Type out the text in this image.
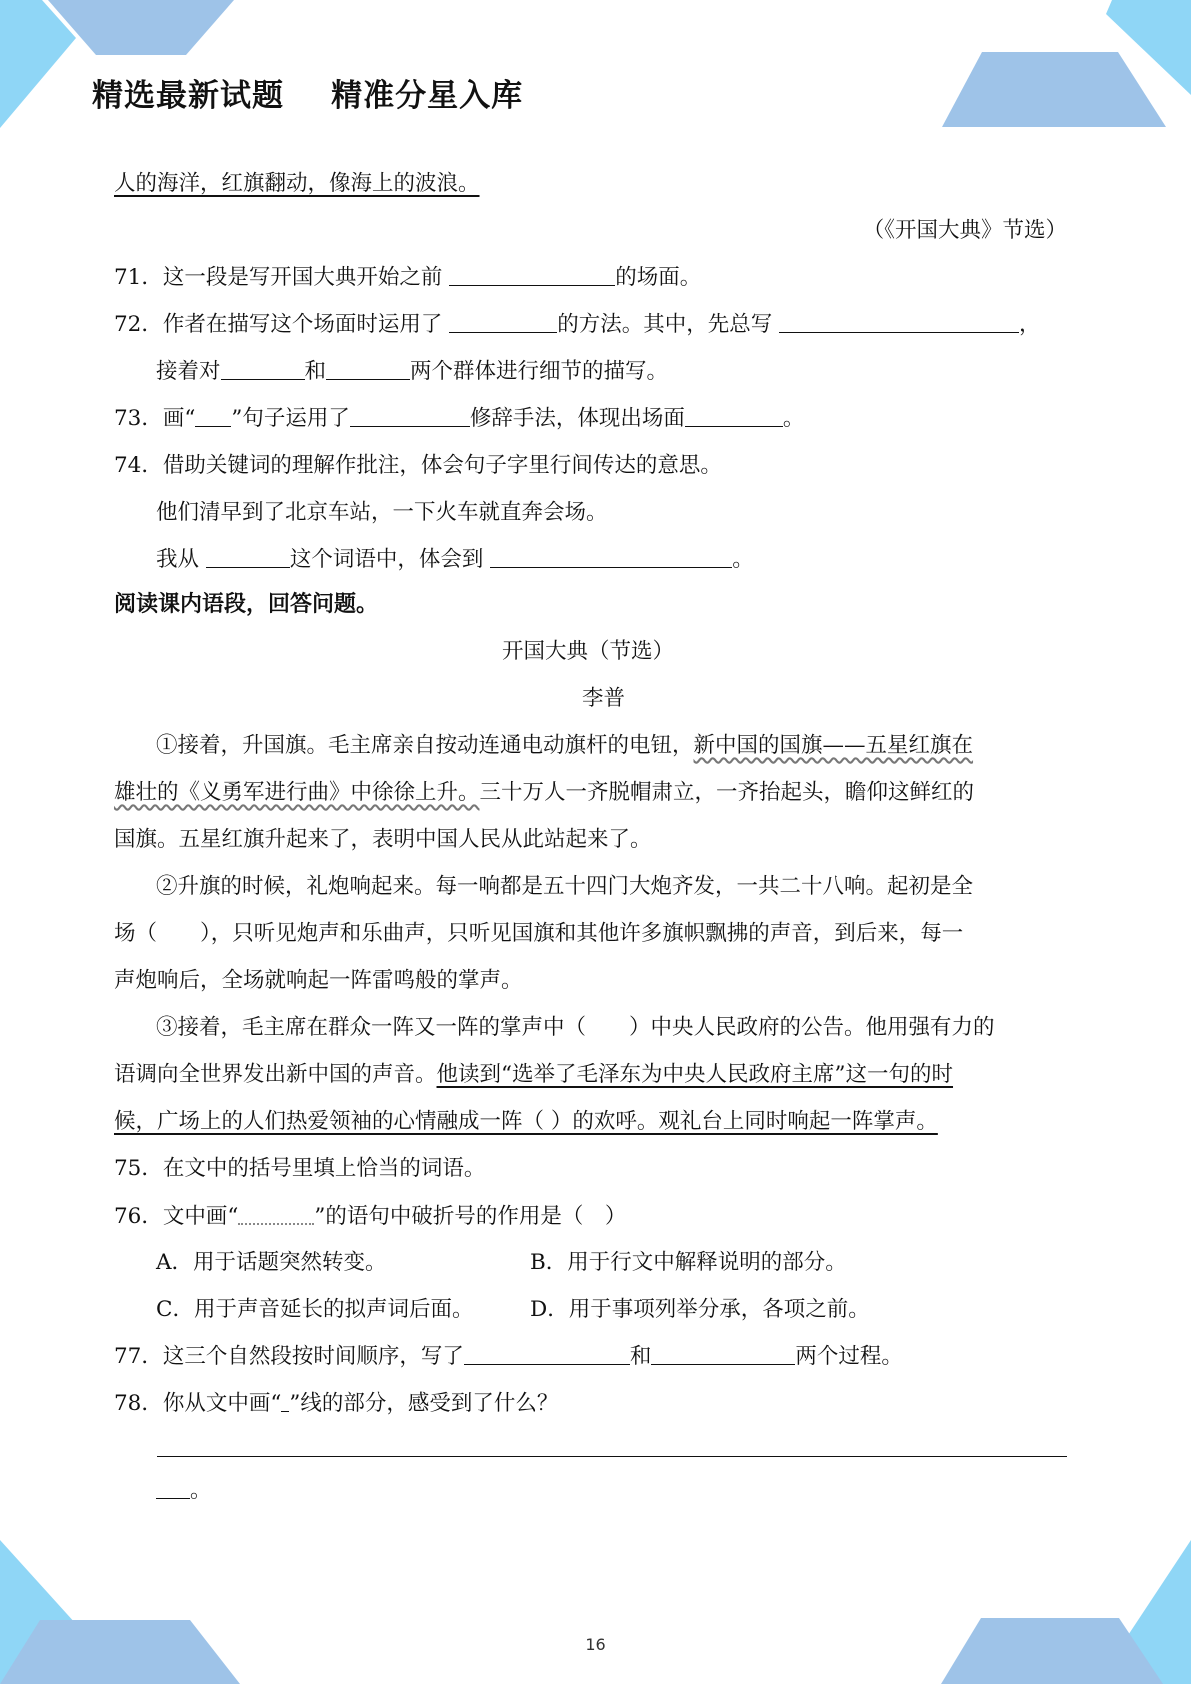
精选最新试题    精准分星入库
人的海洋，红旗翻动，像海上的波浪。
（《开国大典》节选）
71．这一段是写开国大典开始之前	的场面。
72．作者在描写这个场面时运用了	的方法。其中，先总写	，
接着对	和	两个群体进行细节的描写。
73．画“ ”句子运用了	修辞手法，体现出场面	。
74．借助关键词的理解作批注，体会句子字里行间传达的意思。
他们清早到了北京车站，一下火车就直奔会场。
我从	这个词语中，体会到	。
阅读课内语段，回答问题。
开国大典（节选）
李普
①接着，升国旗。毛主席亲自按动连通电动旗杆的电钮，新中国的国旗——五星红旗在
雄壮的《义勇军进行曲》中徐徐上升。三十万人一齐脱帽肃立，一齐抬起头，瞻仰这鲜红的
国旗。五星红旗升起来了，表明中国人民从此站起来了。
②升旗的时候，礼炮响起来。每一响都是五十四门大炮齐发，一共二十八响。起初是全
场（　　），只听见炮声和乐曲声，只听见国旗和其他许多旗帜飘拂的声音，到后来，每一
声炮响后，全场就响起一阵雷鸣般的掌声。
③接着，毛主席在群众一阵又一阵的掌声中（　　）中央人民政府的公告。他用强有力的
语调向全世界发出新中国的声音。他读到“选举了毛泽东为中央人民政府主席”这一句的时
候，广场上的人们热爱领袖的心情融成一阵（ ）的欢呼。观礼台上同时响起一阵掌声。
75．在文中的括号里填上恰当的词语。
76．文中画“	”的语句中破折号的作用是（　）
A．用于话题突然转变。	B．用于行文中解释说明的部分。
C．用于声音延长的拟声词后面。	D．用于事项列举分承，各项之前。
77．这三个自然段按时间顺序，写了	和	两个过程。
78．你从文中画“ ”线的部分，感受到了什么？
。
16
